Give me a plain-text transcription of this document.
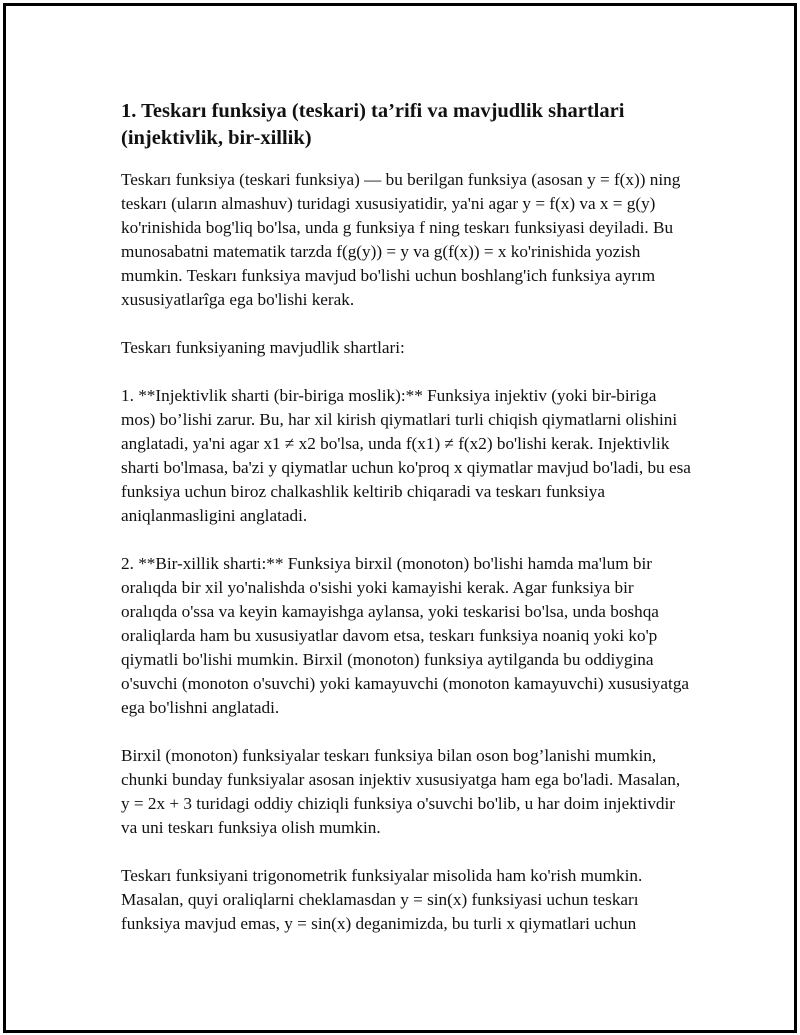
1. Teskarı funksiya (teskari) ta’rifi va mavjudlik shartlari (injektivlik, bir-xillik)

Teskarı funksiya (teskari funksiya) — bu berilgan funksiya (asosan y = f(x)) ning teskarı (uların almashuv) turidagi xususiyatidir, ya'ni agar y = f(x) va x = g(y) ko'rinishida bog'liq bo'lsa, unda g funksiya f ning teskarı funksiyasi deyiladi. Bu munosabatni matematik tarzda f(g(y)) = y va g(f(x)) = x ko'rinishida yozish mumkin. Teskarı funksiya mavjud bo'lishi uchun boshlang'ich funksiya ayrım xususiyatlarîga ega bo'lishi kerak.

Teskarı funksiyaning mavjudlik shartlari:

1. **Injektivlik sharti (bir-biriga moslik):** Funksiya injektiv (yoki bir-biriga mos) bo’lishi zarur. Bu, har xil kirish qiymatlari turli chiqish qiymatlarni olishini anglatadi, ya'ni agar x1 ≠ x2 bo'lsa, unda f(x1) ≠ f(x2) bo'lishi kerak. Injektivlik sharti bo'lmasa, ba'zi y qiymatlar uchun ko'proq x qiymatlar mavjud bo'ladi, bu esa funksiya uchun biroz chalkashlik keltirib chiqaradi va teskarı funksiya aniqlanmasligini anglatadi.

2. **Bir-xillik sharti:** Funksiya birxil (monoton) bo'lishi hamda ma'lum bir oralıqda bir xil yo'nalishda o'sishi yoki kamayishi kerak. Agar funksiya bir oralıqda o'ssa va keyin kamayishga aylansa, yoki teskarisi bo'lsa, unda boshqa oraliqlarda ham bu xususiyatlar davom etsa, teskarı funksiya noaniq yoki ko'p qiymatli bo'lishi mumkin. Birxil (monoton) funksiya aytilganda bu oddiygina o'suvchi (monoton o'suvchi) yoki kamayuvchi (monoton kamayuvchi) xususiyatga ega bo'lishni anglatadi.

Birxil (monoton) funksiyalar teskarı funksiya bilan oson bog’lanishi mumkin, chunki bunday funksiyalar asosan injektiv xususiyatga ham ega bo'ladi. Masalan, y = 2x + 3 turidagi oddiy chiziqli funksiya o'suvchi bo'lib, u har doim injektivdir va uni teskarı funksiya olish mumkin.

Teskarı funksiyani trigonometrik funksiyalar misolida ham ko'rish mumkin. Masalan, quyi oraliqlarni cheklamasdan y = sin(x) funksiyasi uchun teskarı funksiya mavjud emas, y = sin(x) deganimizda, bu turli x qiymatlari uchun
